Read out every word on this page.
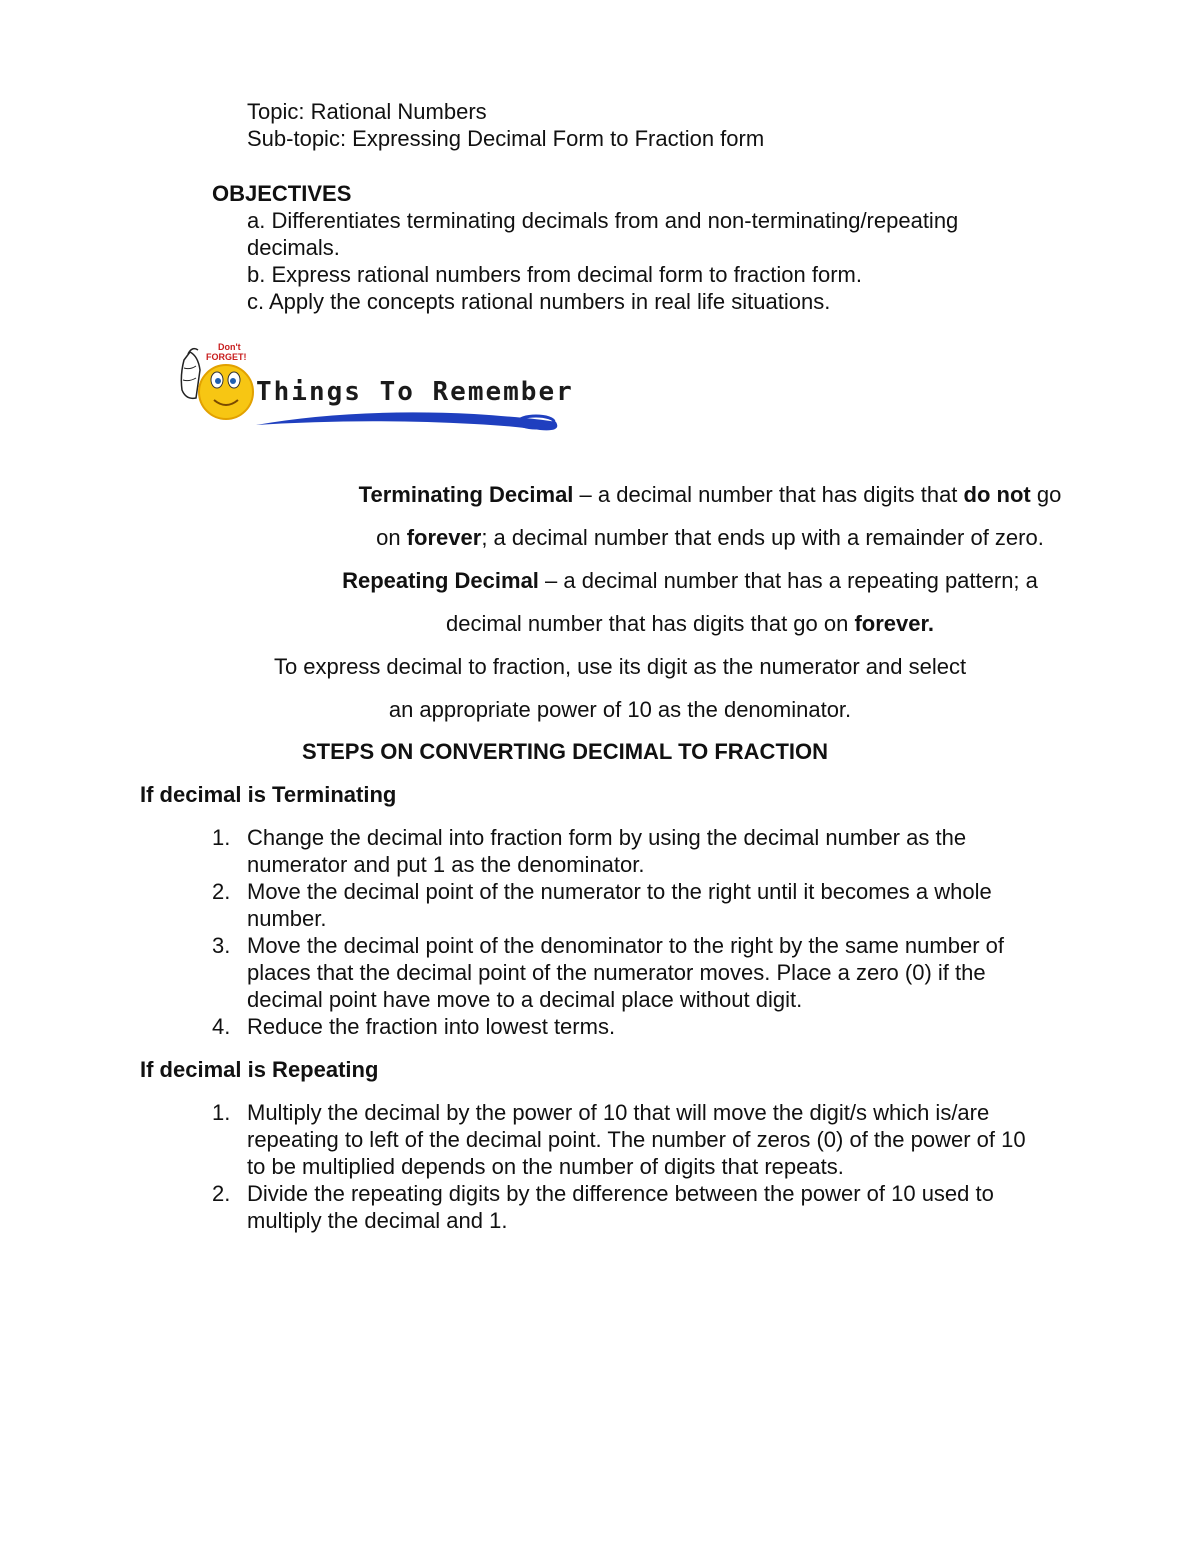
Topic: Rational Numbers
Sub-topic: Expressing Decimal Form to Fraction form
OBJECTIVES
a. Differentiates terminating decimals from and non-terminating/repeating decimals.
b. Express rational numbers from decimal form to fraction form.
c. Apply the concepts rational numbers in real life situations.
Don't
FORGET!
Things To Remember
Terminating Decimal – a decimal number that has digits that do not go
on forever; a decimal number that ends up with a remainder of zero.
Repeating Decimal – a decimal number that has a repeating pattern; a
decimal number that has digits that go on forever.
To express decimal to fraction, use its digit as the numerator and select
an appropriate power of 10 as the denominator.
STEPS ON CONVERTING DECIMAL TO FRACTION
If decimal is Terminating
1. Change the decimal into fraction form by using the decimal number as the
numerator and put 1 as the denominator.
2. Move the decimal point of the numerator to the right until it becomes a whole
number.
3. Move the decimal point of the denominator to the right by the same number of
places that the decimal point of the numerator moves. Place a zero (0) if the
decimal point have move to a decimal place without digit.
4. Reduce the fraction into lowest terms.
If decimal is Repeating
1. Multiply the decimal by the power of 10 that will move the digit/s which is/are
repeating to left of the decimal point. The number of zeros (0) of the power of 10
to be multiplied depends on the number of digits that repeats.
2. Divide the repeating digits by the difference between the power of 10 used to
multiply the decimal and 1.
